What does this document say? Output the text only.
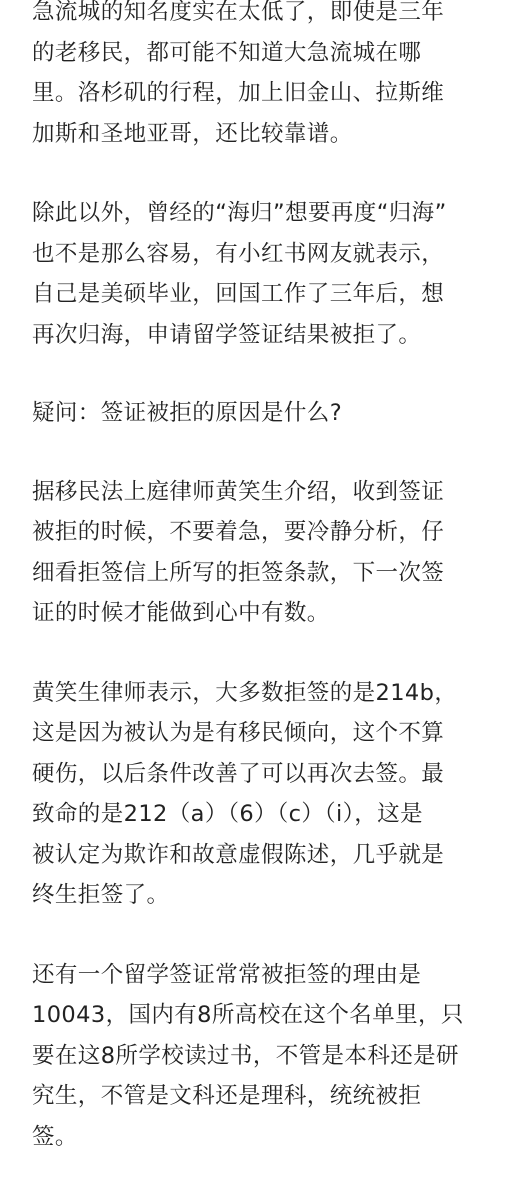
急流城的知名度实在太低了，即使是三年
的老移民，都可能不知道大急流城在哪
里。洛杉矶的行程，加上旧金山、拉斯维
加斯和圣地亚哥，还比较靠谱。
除此以外，曾经的“海归”想要再度“归海”
也不是那么容易，有小红书网友就表示，
自己是美硕毕业，回国工作了三年后，想
再次归海，申请留学签证结果被拒了。
疑问：签证被拒的原因是什么?
据移民法上庭律师黄笑生介绍，收到签证
被拒的时候，不要着急，要冷静分析，仔
细看拒签信上所写的拒签条款，下一次签
证的时候才能做到心中有数。
黄笑生律师表示，大多数拒签的是214b，
这是因为被认为是有移民倾向，这个不算
硬伤，以后条件改善了可以再次去签。最
致命的是212（a）（6）（c）（i），这是
被认定为欺诈和故意虚假陈述，几乎就是
终生拒签了。
还有一个留学签证常常被拒签的理由是
10043，国内有8所高校在这个名单里，只
要在这8所学校读过书，不管是本科还是研
究生，不管是文科还是理科，统统被拒
签。
